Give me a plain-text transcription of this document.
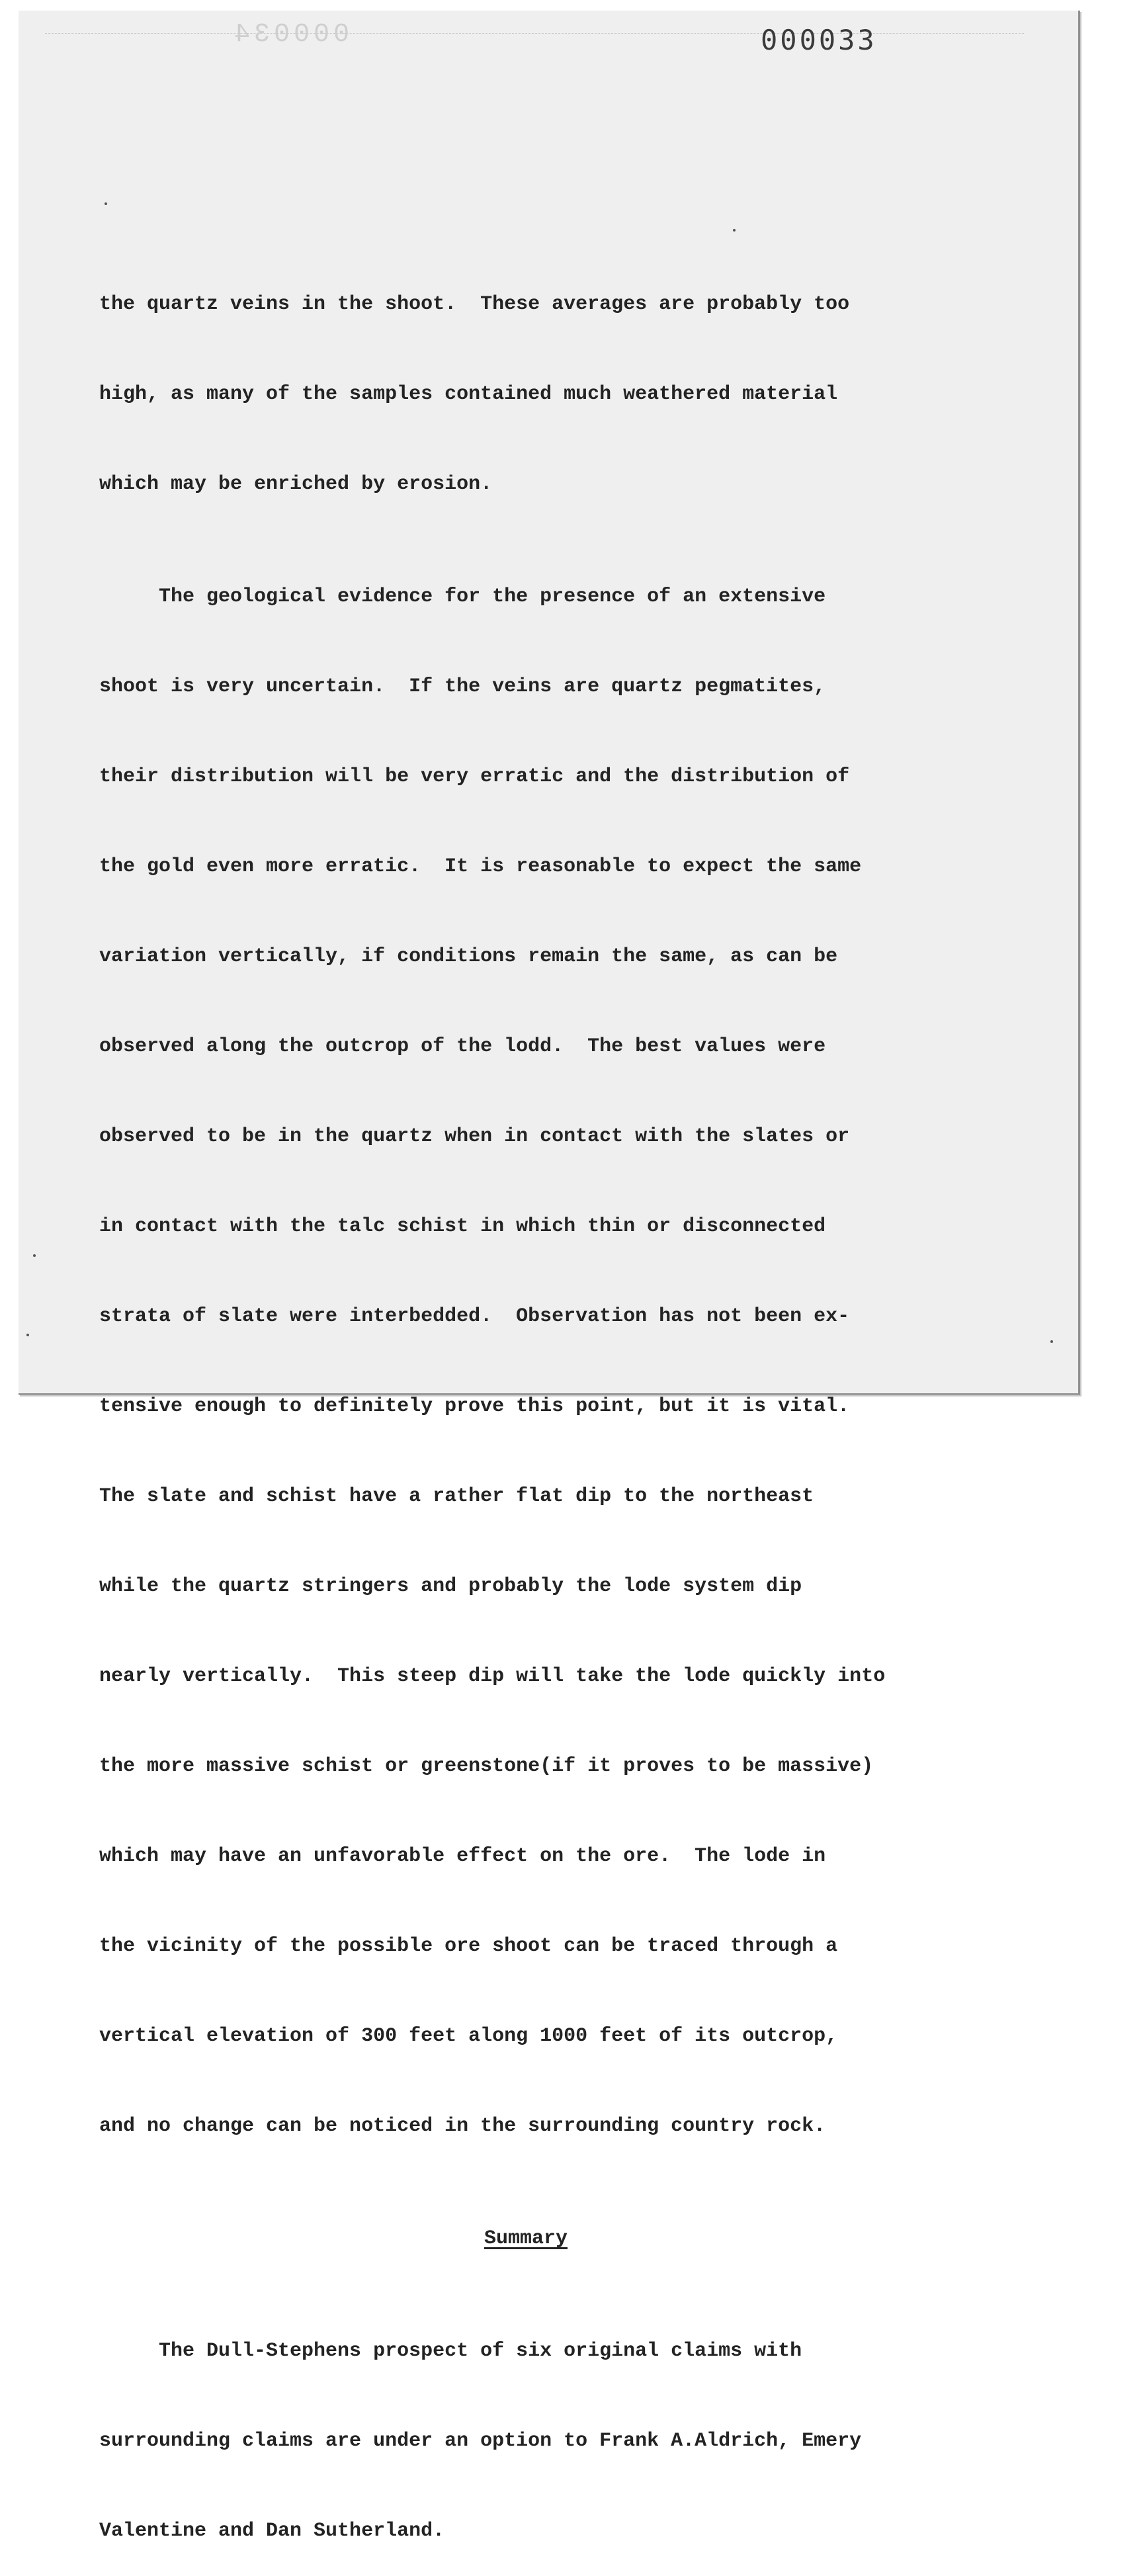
000034	000033

the quartz veins in the shoot.  These averages are probably too

high, as many of the samples contained much weathered material

which may be enriched by erosion.

The geological evidence for the presence of an extensive

shoot is very uncertain.  If the veins are quartz pegmatites,

their distribution will be very erratic and the distribution of

the gold even more erratic.  It is reasonable to expect the same

variation vertically, if conditions remain the same, as can be

observed along the outcrop of the lodd.  The best values were

observed to be in the quartz when in contact with the slates or

in contact with the talc schist in which thin or disconnected

strata of slate were interbedded.  Observation has not been ex-

tensive enough to definitely prove this point, but it is vital.

The slate and schist have a rather flat dip to the northeast

while the quartz stringers and probably the lode system dip

nearly vertically.  This steep dip will take the lode quickly into

the more massive schist or greenstone(if it proves to be massive)

which may have an unfavorable effect on the ore.  The lode in

the vicinity of the possible ore shoot can be traced through a

vertical elevation of 300 feet along 1000 feet of its outcrop,

and no change can be noticed in the surrounding country rock.

Summary

The Dull-Stephens prospect of six original claims with

surrounding claims are under an option to Frank A.Aldrich, Emery

Valentine and Dan Sutherland.
